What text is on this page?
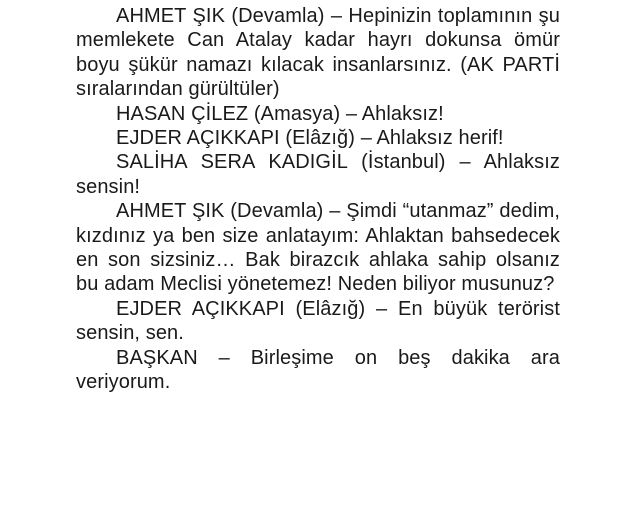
AHMET ŞIK (Devamla) – Hepinizin toplamının şu memlekete Can Atalay kadar hayrı dokunsa ömür boyu şükür namazı kılacak insanlarsınız. (AK PARTİ sıralarından gürültüler)

HASAN ÇİLEZ (Amasya) – Ahlaksız!

EJDER AÇIKKAPI (Elâzığ) – Ahlaksız herif!

SALİHA SERA KADIGİL (İstanbul) – Ahlaksız sensin!

AHMET ŞIK (Devamla) – Şimdi “utanmaz” dedim, kızdınız ya ben size anlatayım: Ahlaktan bahsedecek en son sizsiniz… Bak birazcık ahlaka sahip olsanız bu adam Meclisi yönetemez! Neden biliyor musunuz?

EJDER AÇIKKAPI (Elâzığ) – En büyük terörist sensin, sen.

BAŞKAN – Birleşime on beş dakika ara veriyorum.
